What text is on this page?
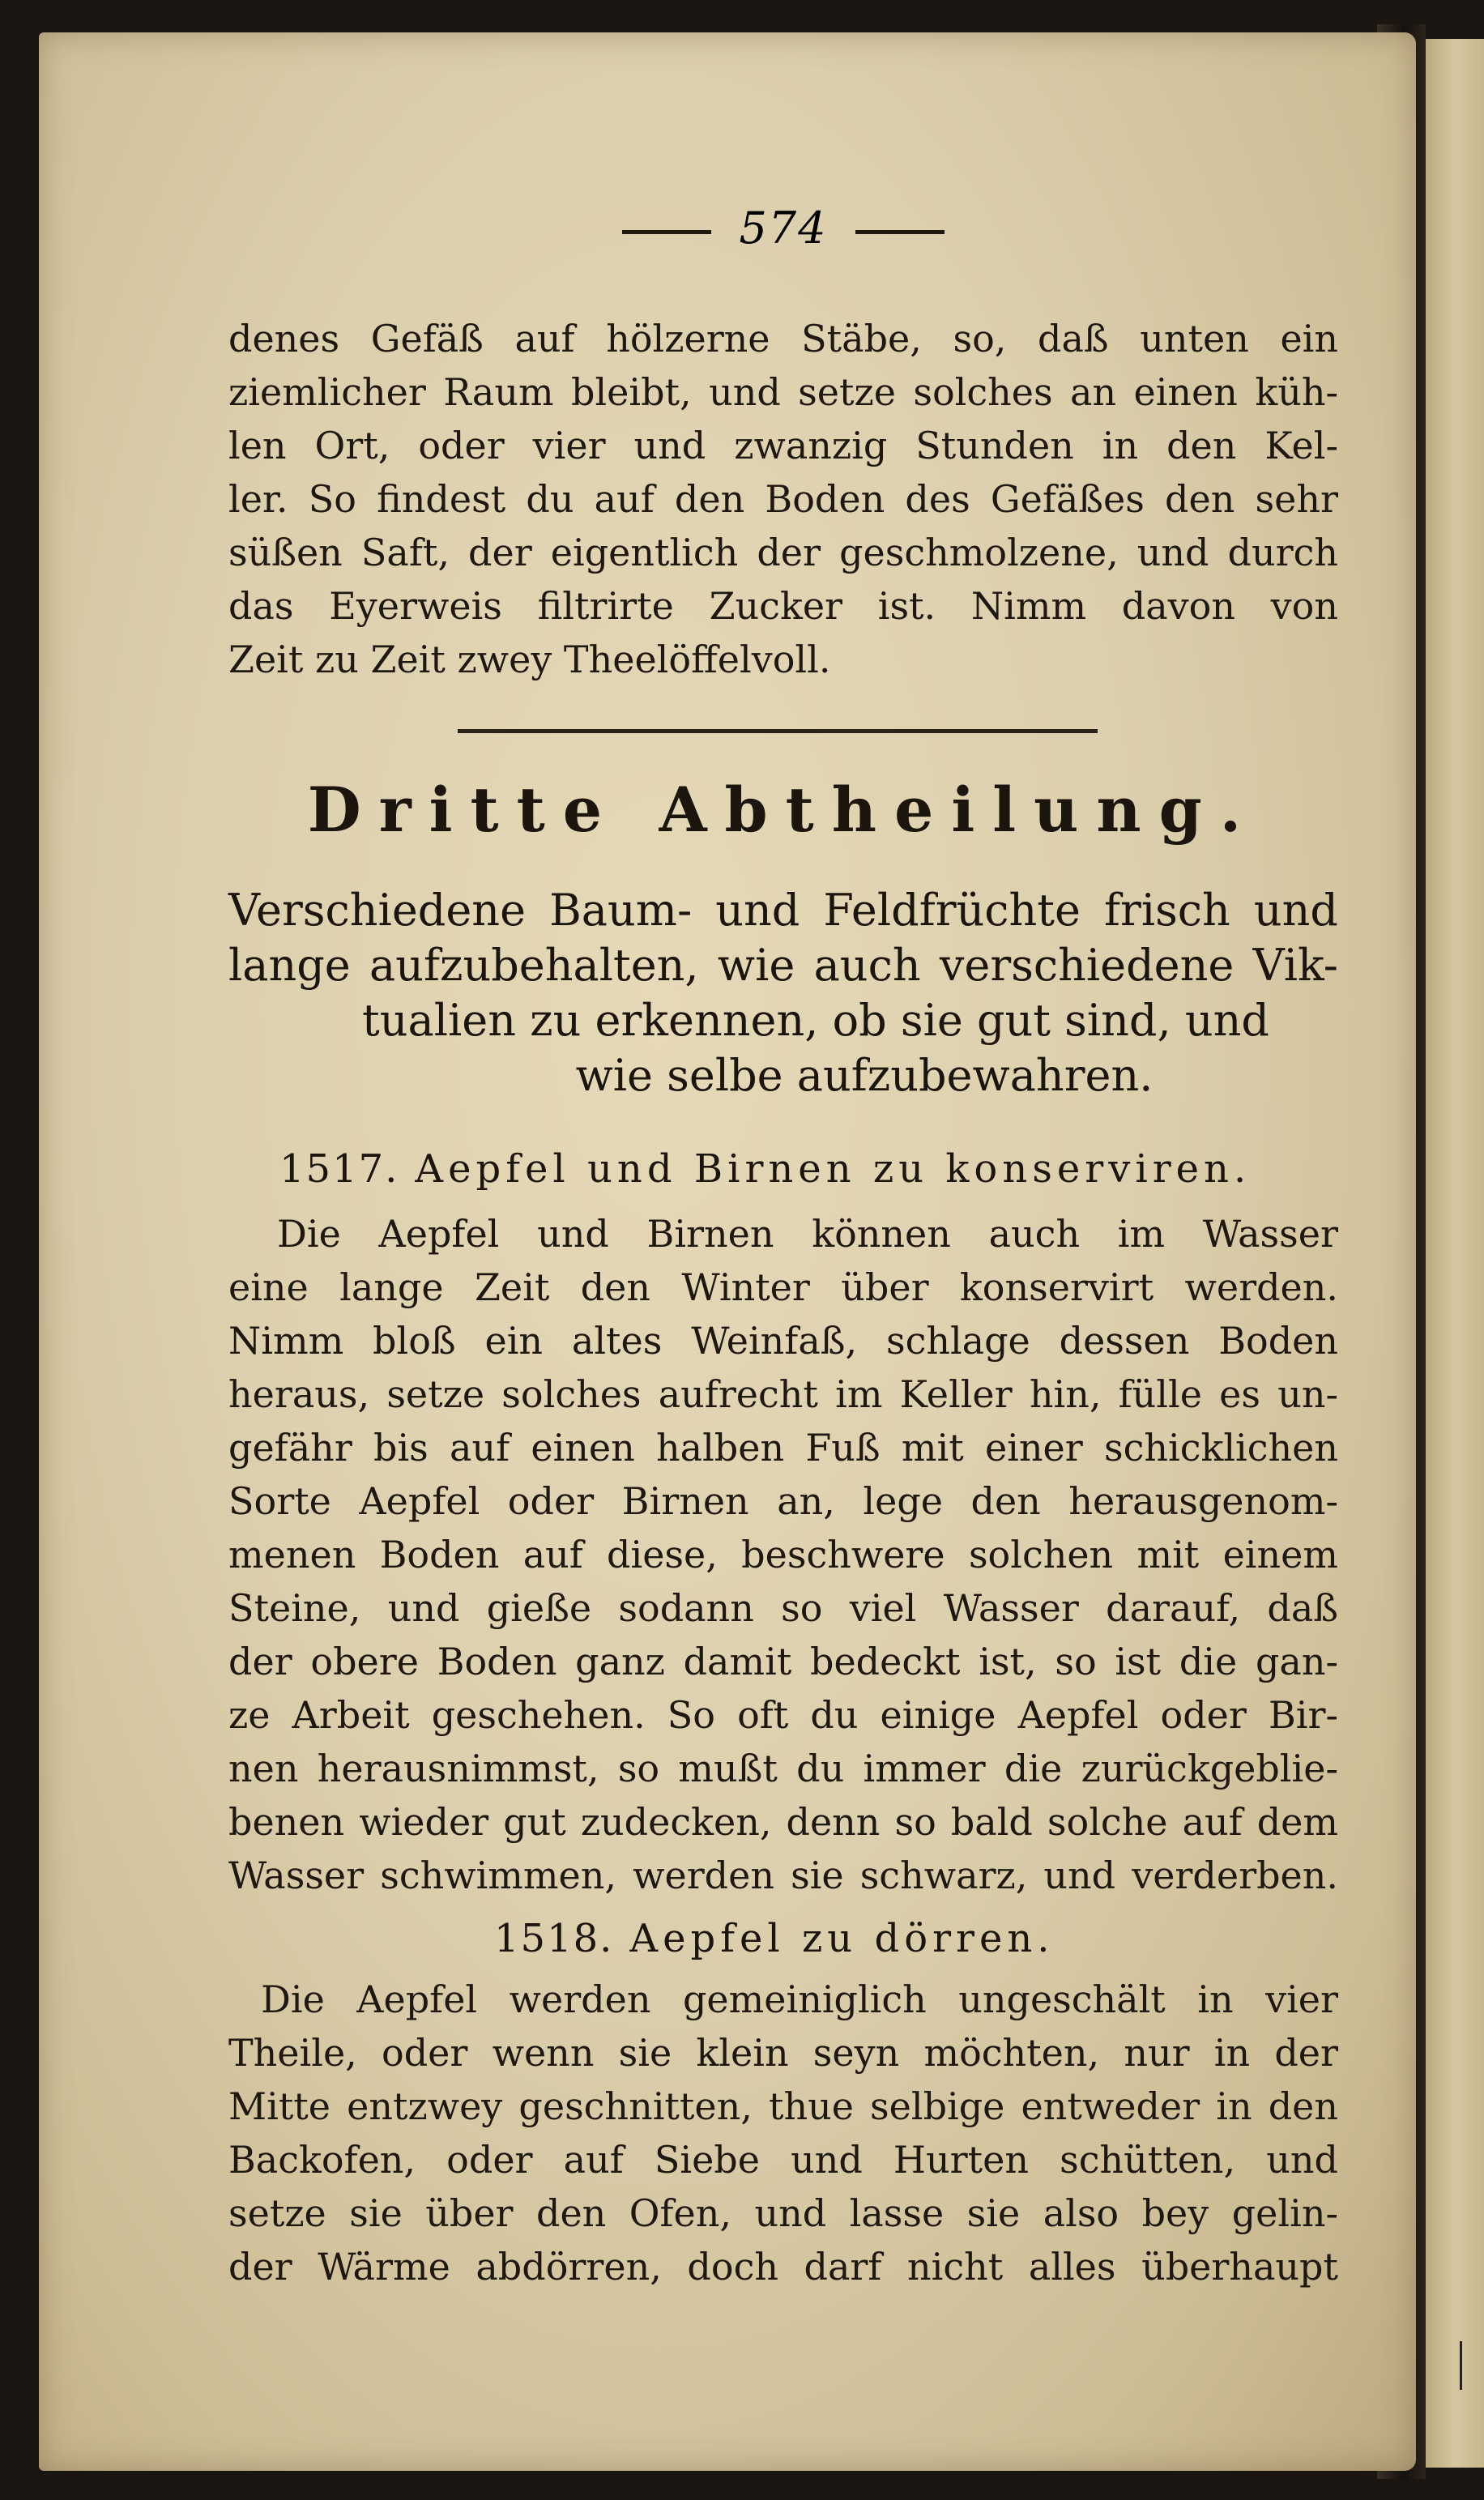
574
denes Gefäß auf hölzerne Stäbe, so, daß unten ein
ziemlicher Raum bleibt, und setze solches an einen küh-
len Ort, oder vier und zwanzig Stunden in den Kel-
ler. So findest du auf den Boden des Gefäßes den sehr
süßen Saft, der eigentlich der geschmolzene, und durch
das Eyerweis filtrirte Zucker ist. Nimm davon von
Zeit zu Zeit zwey Theelöffelvoll.
Dritte Abtheilung.
Verschiedene Baum- und Feldfrüchte frisch und
lange aufzubehalten, wie auch verschiedene Vik-
tualien zu erkennen, ob sie gut sind, und
wie selbe aufzubewahren.
1517. Aepfel und Birnen zu konserviren.
Die Aepfel und Birnen können auch im Wasser
eine lange Zeit den Winter über konservirt werden.
Nimm bloß ein altes Weinfaß, schlage dessen Boden
heraus, setze solches aufrecht im Keller hin, fülle es un-
gefähr bis auf einen halben Fuß mit einer schicklichen
Sorte Aepfel oder Birnen an, lege den herausgenom-
menen Boden auf diese, beschwere solchen mit einem
Steine, und gieße sodann so viel Wasser darauf, daß
der obere Boden ganz damit bedeckt ist, so ist die gan-
ze Arbeit geschehen. So oft du einige Aepfel oder Bir-
nen herausnimmst, so mußt du immer die zurückgeblie-
benen wieder gut zudecken, denn so bald solche auf dem
Wasser schwimmen, werden sie schwarz, und verderben.
1518. Aepfel zu dörren.
Die Aepfel werden gemeiniglich ungeschält in vier
Theile, oder wenn sie klein seyn möchten, nur in der
Mitte entzwey geschnitten, thue selbige entweder in den
Backofen, oder auf Siebe und Hurten schütten, und
setze sie über den Ofen, und lasse sie also bey gelin-
der Wärme abdörren, doch darf nicht alles überhaupt
